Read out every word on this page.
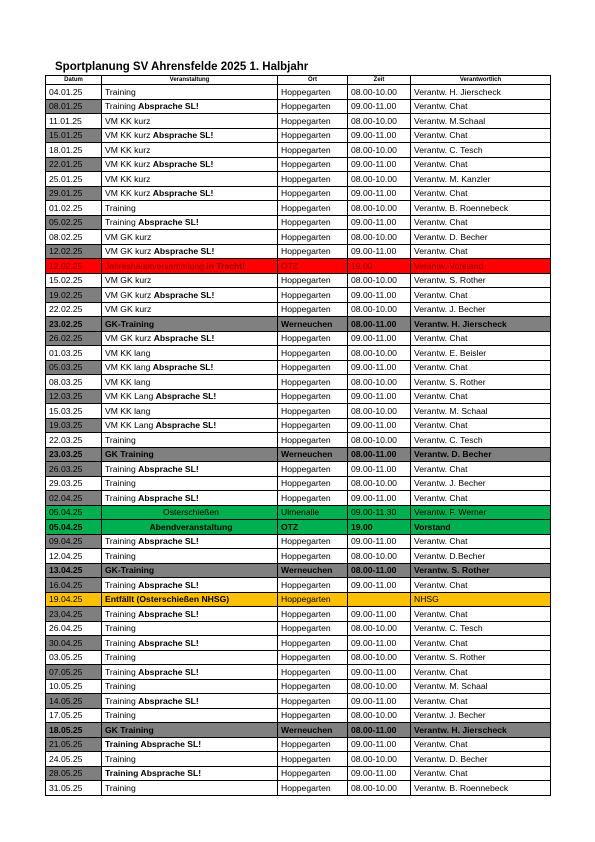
Sportplanung SV Ahrensfelde 2025 1. Halbjahr
Datum	Veranstaltung	Ort	Zeit	Verantwortlich
04.01.25	Training	Hoppegarten	08.00-10.00	Verantw. H. Jierscheck
08.01.25	Training Absprache SL!	Hoppegarten	09.00-11.00	Verantw. Chat
11.01.25	VM KK kurz	Hoppegarten	08.00-10.00	Verantw. M.Schaal
15.01.25	VM KK kurz Absprache SL!	Hoppegarten	09.00-11.00	Verantw. Chat
18.01.25	VM KK kurz	Hoppegarten	08.00-10.00	Verantw. C. Tesch
22.01.25	VM KK kurz Absprache SL!	Hoppegarten	09.00-11.00	Verantw. Chat
25.01.25	VM KK kurz	Hoppegarten	08.00-10.00	Verantw. M. Kanzler
29.01.25	VM KK kurz Absprache SL!	Hoppegarten	09.00-11.00	Verantw. Chat
01.02.25	Training	Hoppegarten	08.00-10.00	Verantw. B. Roennebeck
05.02.25	Training Absprache SL!	Hoppegarten	09.00-11.00	Verantw. Chat
08.02.25	VM GK kurz	Hoppegarten	08.00-10.00	Verantw. D. Becher
12.02.25	VM GK kurz Absprache SL!	Hoppegarten	09.00-11.00	Verantw. Chat
12.02.25	Jahreshauptversammlung in Tracht!	OTZ	19.00	Verantw. Vorstand
15.02.25	VM GK kurz	Hoppegarten	08.00-10.00	Verantw. S. Rother
19.02.25	VM GK kurz Absprache SL!	Hoppegarten	09.00-11.00	Verantw. Chat
22.02.25	VM GK kurz	Hoppegarten	08.00-10.00	Verantw. J. Becher
23.02.25	GK-Training	Werneuchen	08.00-11.00	Verantw. H. Jierscheck
26.02.25	VM GK kurz Absprache SL!	Hoppegarten	09.00-11.00	Verantw. Chat
01.03.25	VM KK lang	Hoppegarten	08.00-10.00	Verantw. E. Beisler
05.03.25	VM KK lang Absprache SL!	Hoppegarten	09.00-11.00	Verantw. Chat
08.03.25	VM KK lang	Hoppegarten	08.00-10.00	Verantw. S. Rother
12.03.25	VM KK Lang Absprache SL!	Hoppegarten	09.00-11.00	Verantw. Chat
15.03.25	VM KK lang	Hoppegarten	08.00-10.00	Verantw. M. Schaal
19.03.25	VM KK Lang Absprache SL!	Hoppegarten	09.00-11.00	Verantw. Chat
22.03.25	Training	Hoppegarten	08.00-10.00	Verantw. C. Tesch
23.03.25	GK Training	Werneuchen	08.00-11.00	Verantw. D. Becher
26.03.25	Training Absprache SL!	Hoppegarten	09.00-11.00	Verantw. Chat
29.03.25	Training	Hoppegarten	08.00-10.00	Verantw. J. Becher
02.04.25	Training Absprache SL!	Hoppegarten	09.00-11.00	Verantw. Chat
05.04.25	Osterschießen	Ulmenalle	09.00-11.30	Verantw. F. Werner
05.04.25	Abendveranstaltung	OTZ	19.00	Vorstand
09.04.25	Training Absprache SL!	Hoppegarten	09.00-11.00	Verantw. Chat
12.04.25	Training	Hoppegarten	08.00-10.00	Verantw. D.Becher
13.04.25	GK-Training	Werneuchen	08.00-11.00	Verantw. S. Rother
16.04.25	Training Absprache SL!	Hoppegarten	09.00-11.00	Verantw. Chat
19.04.25	Entfällt (Osterschießen NHSG)	Hoppegarten		NHSG
23.04.25	Training Absprache SL!	Hoppegarten	09.00-11.00	Verantw. Chat
26.04.25	Training	Hoppegarten	08.00-10.00	Verantw. C. Tesch
30.04.25	Training Absprache SL!	Hoppegarten	09.00-11.00	Verantw. Chat
03.05.25	Training	Hoppegarten	08.00-10.00	Verantw. S. Rother
07.05.25	Training Absprache SL!	Hoppegarten	09.00-11.00	Verantw. Chat
10.05.25	Training	Hoppegarten	08.00-10.00	Verantw. M. Schaal
14.05.25	Training Absprache SL!	Hoppegarten	09.00-11.00	Verantw. Chat
17.05.25	Training	Hoppegarten	08.00-10.00	Verantw. J. Becher
18.05.25	GK Training	Werneuchen	08.00-11.00	Verantw. H. Jierscheck
21.05.25	Training Absprache SL!	Hoppegarten	09.00-11.00	Verantw. Chat
24.05.25	Training	Hoppegarten	08.00-10.00	Verantw. D. Becher
28.05.25	Training Absprache SL!	Hoppegarten	09.00-11.00	Verantw. Chat
31.05.25	Training	Hoppegarten	08.00-10.00	Verantw. B. Roennebeck
